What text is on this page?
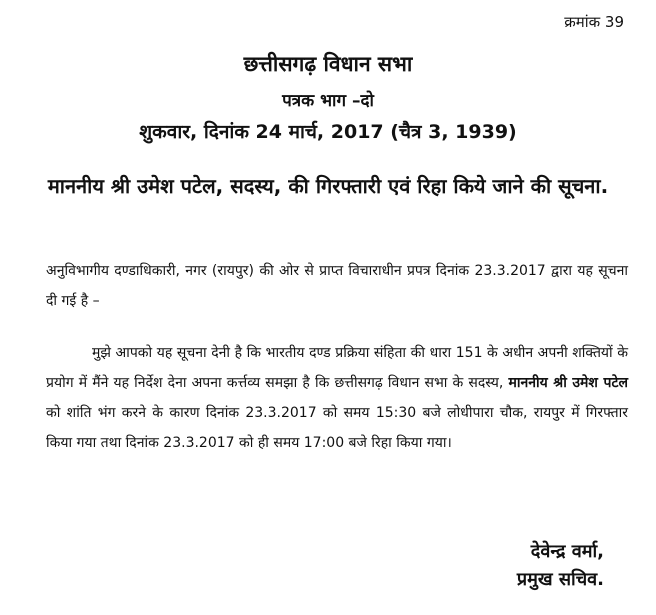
क्रमांक 39
छत्तीसगढ़ विधान सभा
पत्रक भाग –दो
शुकवार, दिनांक 24 मार्च, 2017 (चैत्र 3, 1939)
माननीय श्री उमेश पटेल, सदस्य, की गिरफ्तारी एवं रिहा किये जाने की सूचना.
अनुविभागीय दण्डाधिकारी, नगर (रायपुर) की ओर से प्राप्त विचाराधीन प्रपत्र दिनांक 23.3.2017 द्वारा यह सूचना दी गई है –
मुझे आपको यह सूचना देनी है कि भारतीय दण्ड प्रक्रिया संहिता की धारा 151 के अधीन अपनी शक्तियों के प्रयोग में मैंने यह निर्देश देना अपना कर्त्तव्य समझा है कि छत्तीसगढ़ विधान सभा के सदस्य, माननीय श्री उमेश पटेल को शांति भंग करने के कारण दिनांक 23.3.2017 को समय 15:30 बजे लोधीपारा चौक, रायपुर में गिरफ्तार किया गया तथा दिनांक 23.3.2017 को ही समय 17:00 बजे रिहा किया गया।
देवेन्द्र वर्मा,
प्रमुख सचिव.
